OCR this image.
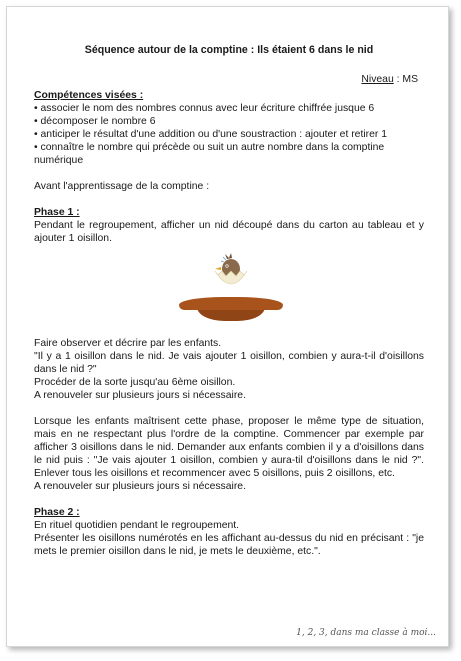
Séquence autour de la comptine : Ils étaient 6 dans le nid

Niveau : MS

Compétences visées :

• associer le nom des nombres connus avec leur écriture chiffrée jusque 6

• décomposer le nombre 6

• anticiper le résultat d'une addition ou d'une soustraction : ajouter et retirer 1

• connaître le nombre qui précède ou suit un autre nombre dans la comptine numérique

Avant l'apprentissage de la comptine :

Phase 1 :

Pendant le regroupement, afficher un nid découpé dans du carton au tableau et y ajouter 1 oisillon.

Faire observer et décrire par les enfants.

"Il y a 1 oisillon dans le nid. Je vais ajouter 1 oisillon, combien y aura-t-il d'oisillons dans le nid ?"

Procéder de la sorte jusqu'au 6ème oisillon.

A renouveler sur plusieurs jours si nécessaire.

Lorsque les enfants maîtrisent cette phase, proposer le même type de situation, mais en ne respectant plus l'ordre de la comptine. Commencer par exemple par afficher 3 oisillons dans le nid. Demander aux enfants combien il y a d'oisillons dans le nid puis : "Je vais ajouter 1 oisillon, combien y aura-til d'oisillons dans le nid ?". Enlever tous les oisillons et recommencer avec 5 oisillons, puis 2 oisillons, etc.

A renouveler sur plusieurs jours si nécessaire.

Phase 2 :

En rituel quotidien pendant le regroupement.

Présenter les oisillons numérotés en les affichant au-dessus du nid en précisant : "je mets le premier oisillon dans le nid, je mets le deuxième, etc.".

1, 2, 3, dans ma classe à moi...
